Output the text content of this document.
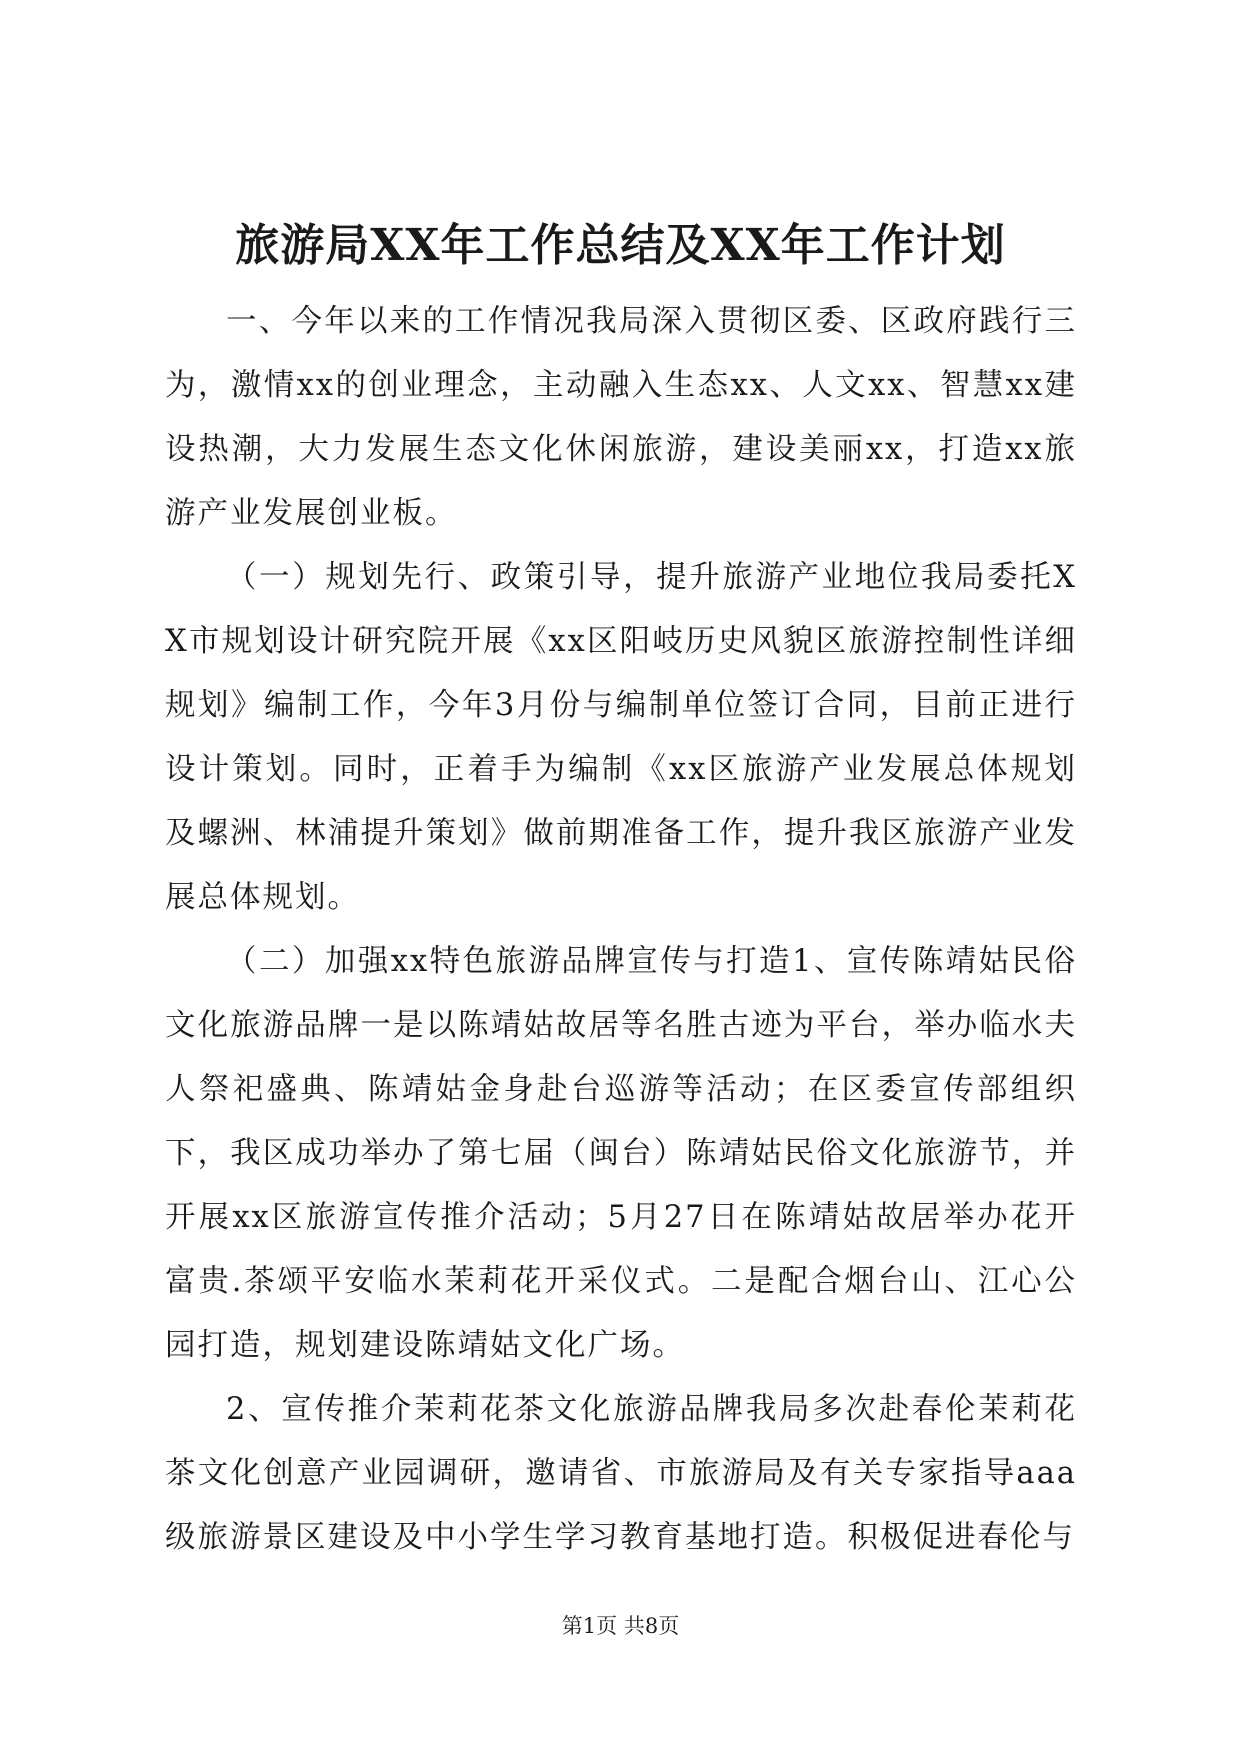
旅游局XX年工作总结及XX年工作计划

一、今年以来的工作情况我局深入贯彻区委、区政府践行三为，激情xx的创业理念，主动融入生态xx、人文xx、智慧xx建设热潮，大力发展生态文化休闲旅游，建设美丽xx，打造xx旅游产业发展创业板。

（一）规划先行、政策引导，提升旅游产业地位我局委托XX市规划设计研究院开展《xx区阳岐历史风貌区旅游控制性详细规划》编制工作，今年3月份与编制单位签订合同，目前正进行设计策划。同时，正着手为编制《xx区旅游产业发展总体规划及螺洲、林浦提升策划》做前期准备工作，提升我区旅游产业发展总体规划。

（二）加强xx特色旅游品牌宣传与打造1、宣传陈靖姑民俗文化旅游品牌一是以陈靖姑故居等名胜古迹为平台，举办临水夫人祭祀盛典、陈靖姑金身赴台巡游等活动；在区委宣传部组织下，我区成功举办了第七届（闽台）陈靖姑民俗文化旅游节，并开展xx区旅游宣传推介活动；5月27日在陈靖姑故居举办花开富贵.茶颂平安临水茉莉花开采仪式。二是配合烟台山、江心公园打造，规划建设陈靖姑文化广场。

2、宣传推介茉莉花茶文化旅游品牌我局多次赴春伦茉莉花茶文化创意产业园调研，邀请省、市旅游局及有关专家指导aaa级旅游景区建设及中小学生学习教育基地打造。积极促进春伦与

第1页 共8页
